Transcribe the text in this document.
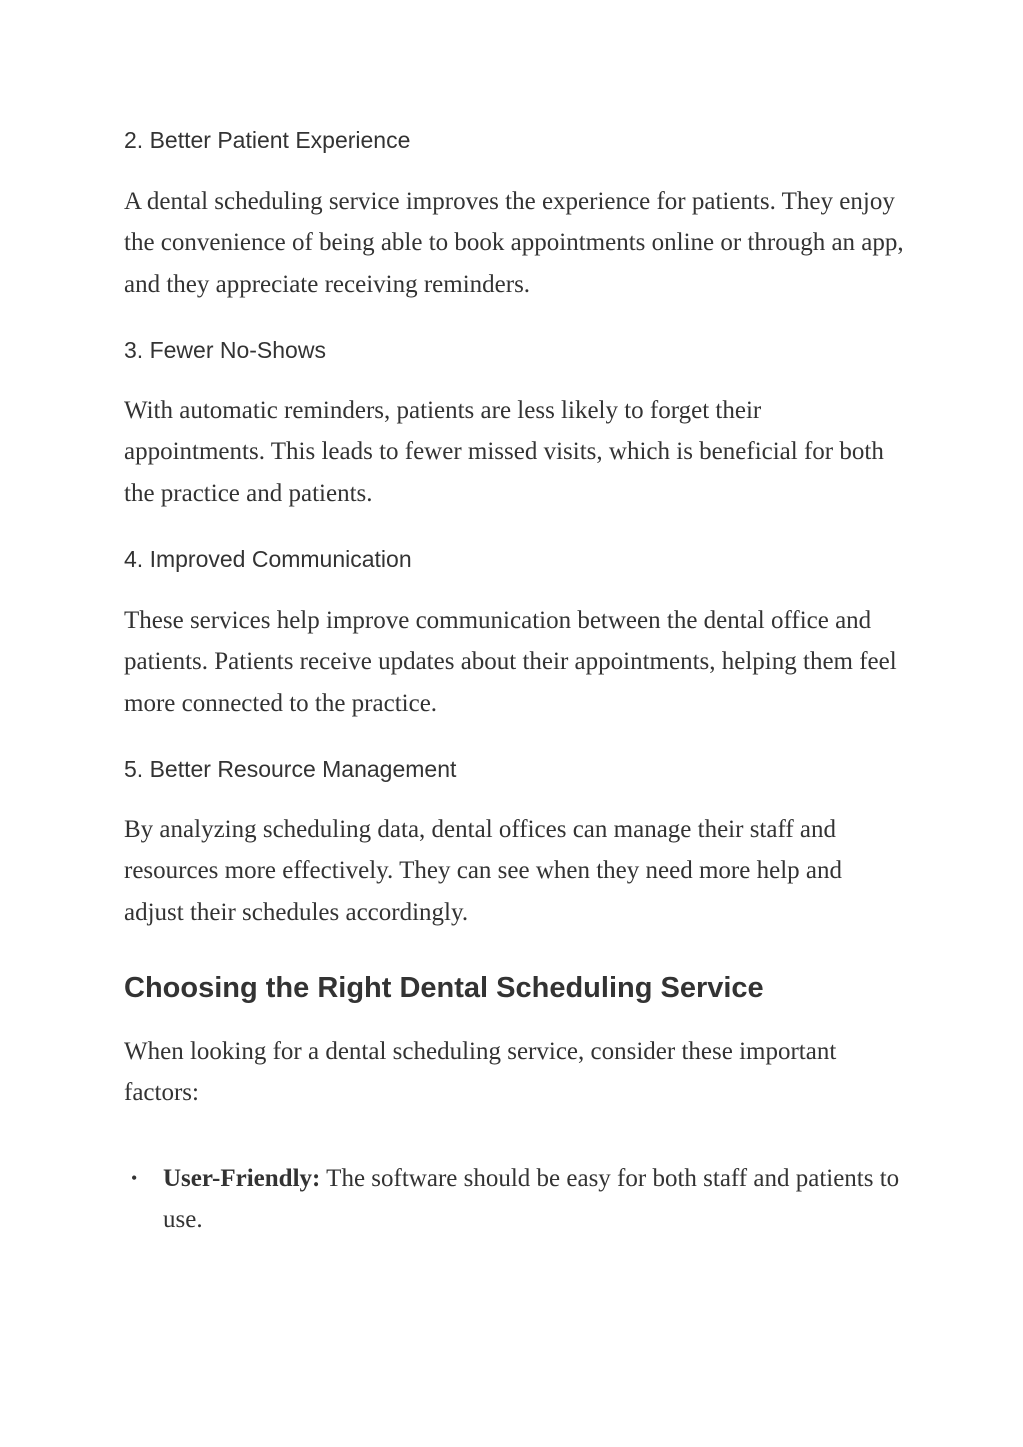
2. Better Patient Experience
A dental scheduling service improves the experience for patients. They enjoy the convenience of being able to book appointments online or through an app, and they appreciate receiving reminders.
3. Fewer No-Shows
With automatic reminders, patients are less likely to forget their appointments. This leads to fewer missed visits, which is beneficial for both the practice and patients.
4. Improved Communication
These services help improve communication between the dental office and patients. Patients receive updates about their appointments, helping them feel more connected to the practice.
5. Better Resource Management
By analyzing scheduling data, dental offices can manage their staff and resources more effectively. They can see when they need more help and adjust their schedules accordingly.
Choosing the Right Dental Scheduling Service
When looking for a dental scheduling service, consider these important factors:
• User-Friendly: The software should be easy for both staff and patients to use.
